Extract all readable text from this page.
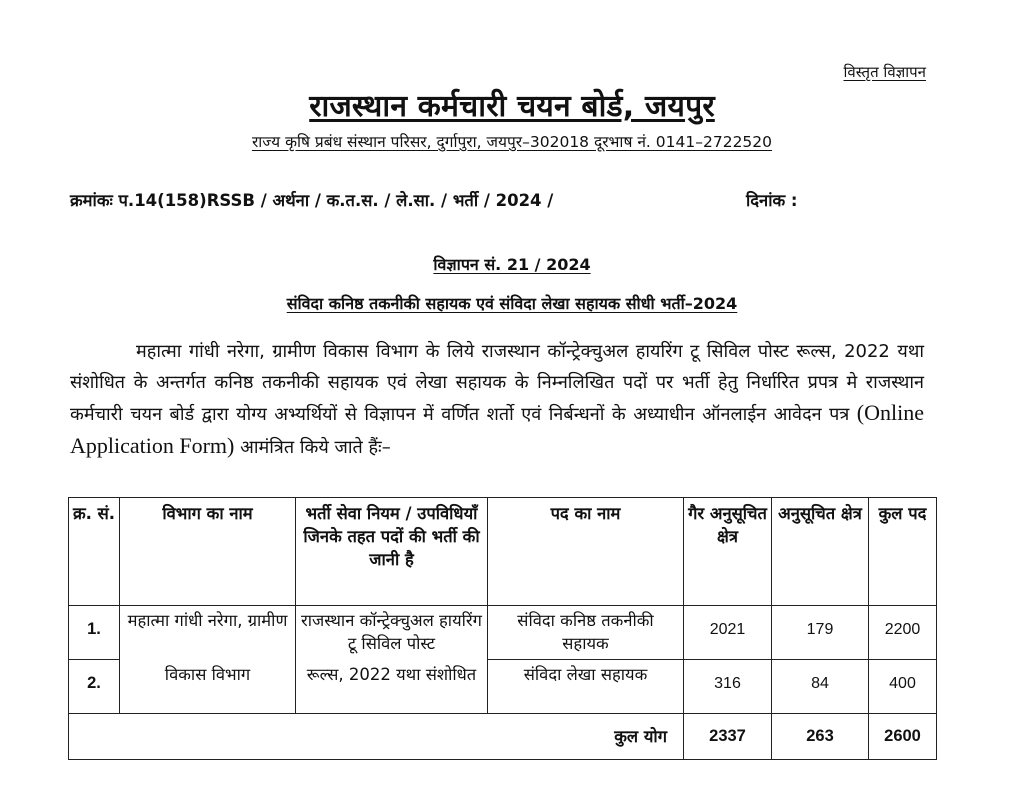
विस्तृत विज्ञापन
राजस्थान कर्मचारी चयन बोर्ड, जयपुर
राज्य कृषि प्रबंध संस्थान परिसर, दुर्गापुरा, जयपुर–302018 दूरभाष नं. 0141–2722520
क्रमांकः प.14(158)RSSB / अर्थना / क.त.स. / ले.सा. / भर्ती / 2024 /	दिनांक :
विज्ञापन सं. 21 / 2024
संविदा कनिष्ठ तकनीकी सहायक एवं संविदा लेखा सहायक सीधी भर्ती–2024

महात्मा गांधी नरेगा, ग्रामीण विकास विभाग के लिये राजस्थान कॉन्ट्रेक्चुअल हायरिंग टू सिविल पोस्ट रूल्स, 2022 यथा संशोधित के अन्तर्गत कनिष्ठ तकनीकी सहायक एवं लेखा सहायक के निम्नलिखित पदों पर भर्ती हेतु निर्धारित प्रपत्र मे राजस्थान कर्मचारी चयन बोर्ड द्वारा योग्य अभ्यर्थियों से विज्ञापन में वर्णित शर्तो एवं निर्बन्धनों के अध्याधीन ऑनलाईन आवेदन पत्र (Online Application Form) आमंत्रित किये जाते हैंः–

क्र. सं.	विभाग का नाम	भर्ती सेवा नियम / उपविधियॉं जिनके तहत पदों की भर्ती की जानी है	पद का नाम	गैर अनुसूचित क्षेत्र	अनुसूचित क्षेत्र	कुल पद
1.	महात्मा गांधी नरेगा, ग्रामीण	राजस्थान कॉन्ट्रेक्चुअल हायरिंग टू सिविल पोस्ट	संविदा कनिष्ठ तकनीकी सहायक	2021	179	2200
2.	विकास विभाग	रूल्स, 2022 यथा संशोधित	संविदा लेखा सहायक	316	84	400
			कुल योग	2337	263	2600
